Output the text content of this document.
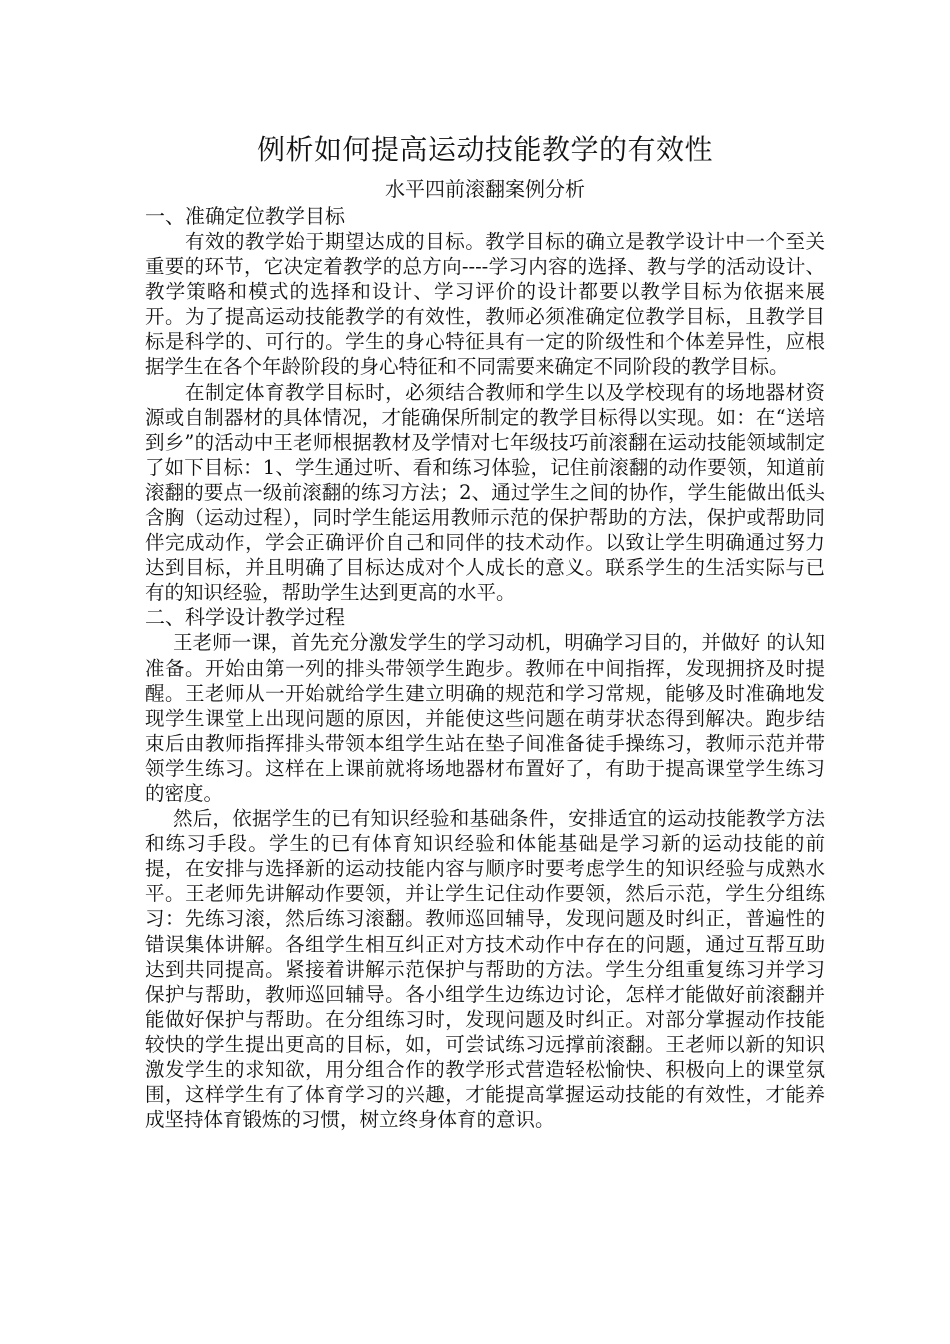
例析如何提高运动技能教学的有效性
水平四前滚翻案例分析
一、准确定位教学目标

有效的教学始于期望达成的目标。教学目标的确立是教学设计中一个至关重要的环节，它决定着教学的总方向----学习内容的选择、教与学的活动设计、教学策略和模式的选择和设计、学习评价的设计都要以教学目标为依据来展开。为了提高运动技能教学的有效性，教师必须准确定位教学目标，且教学目标是科学的、可行的。学生的身心特征具有一定的阶级性和个体差异性，应根据学生在各个年龄阶段的身心特征和不同需要来确定不同阶段的教学目标。

在制定体育教学目标时，必须结合教师和学生以及学校现有的场地器材资源或自制器材的具体情况，才能确保所制定的教学目标得以实现。如：在“送培到乡”的活动中王老师根据教材及学情对七年级技巧前滚翻在运动技能领域制定了如下目标：1、学生通过听、看和练习体验，记住前滚翻的动作要领，知道前滚翻的要点一级前滚翻的练习方法；2、通过学生之间的协作，学生能做出低头含胸（运动过程），同时学生能运用教师示范的保护帮助的方法，保护或帮助同伴完成动作，学会正确评价自己和同伴的技术动作。以致让学生明确通过努力达到目标，并且明确了目标达成对个人成长的意义。联系学生的生活实际与已有的知识经验，帮助学生达到更高的水平。

二、科学设计教学过程

王老师一课，首先充分激发学生的学习动机，明确学习目的，并做好 的认知准备。开始由第一列的排头带领学生跑步。教师在中间指挥，发现拥挤及时提醒。王老师从一开始就给学生建立明确的规范和学习常规，能够及时准确地发现学生课堂上出现问题的原因，并能使这些问题在萌芽状态得到解决。跑步结束后由教师指挥排头带领本组学生站在垫子间准备徒手操练习，教师示范并带领学生练习。这样在上课前就将场地器材布置好了，有助于提高课堂学生练习的密度。

然后，依据学生的已有知识经验和基础条件，安排适宜的运动技能教学方法和练习手段。学生的已有体育知识经验和体能基础是学习新的运动技能的前提，在安排与选择新的运动技能内容与顺序时要考虑学生的知识经验与成熟水平。王老师先讲解动作要领，并让学生记住动作要领，然后示范，学生分组练习：先练习滚，然后练习滚翻。教师巡回辅导，发现问题及时纠正，普遍性的错误集体讲解。各组学生相互纠正对方技术动作中存在的问题，通过互帮互助达到共同提高。紧接着讲解示范保护与帮助的方法。学生分组重复练习并学习保护与帮助，教师巡回辅导。各小组学生边练边讨论，怎样才能做好前滚翻并能做好保护与帮助。在分组练习时，发现问题及时纠正。对部分掌握动作技能较快的学生提出更高的目标，如，可尝试练习远撑前滚翻。王老师以新的知识激发学生的求知欲，用分组合作的教学形式营造轻松愉快、积极向上的课堂氛围，这样学生有了体育学习的兴趣，才能提高掌握运动技能的有效性，才能养成坚持体育锻炼的习惯，树立终身体育的意识。
